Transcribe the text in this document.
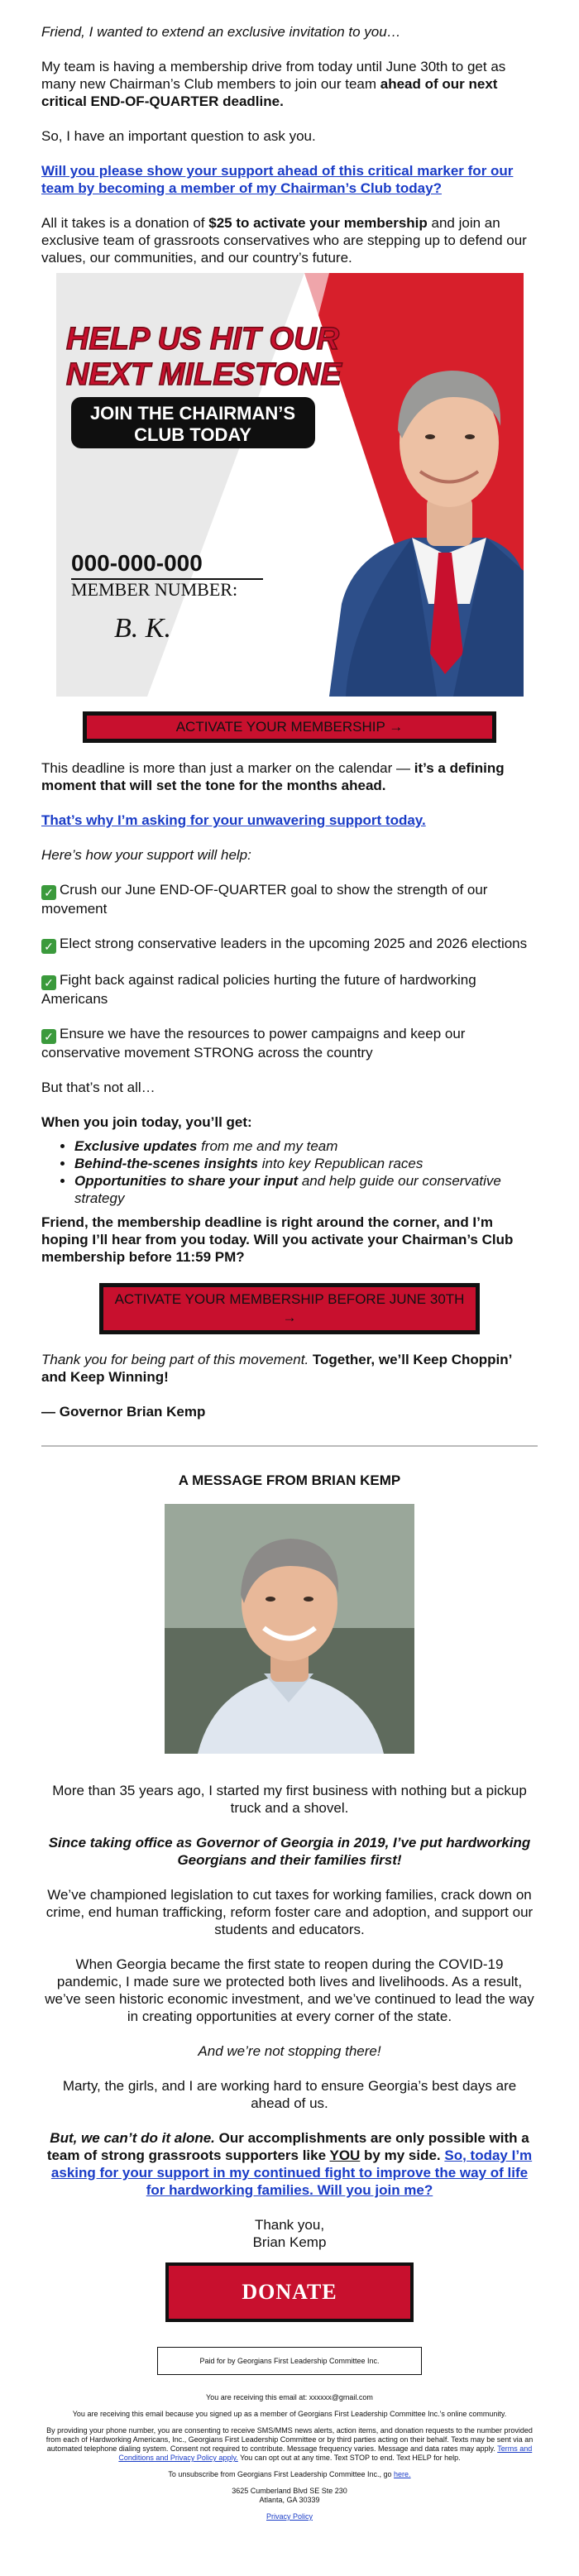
Friend, I wanted to extend an exclusive invitation to you…

My team is having a membership drive from today until June 30th to get as many new Chairman’s Club members to join our team ahead of our next critical END-OF-QUARTER deadline.

So, I have an important question to ask you.

Will you please show your support ahead of this critical marker for our team by becoming a member of my Chairman’s Club today?

All it takes is a donation of $25 to activate your membership and join an exclusive team of grassroots conservatives who are stepping up to defend our values, our communities, and our country’s future.

HELP US HIT OUR
NEXT MILESTONE
JOIN THE CHAIRMAN’S
CLUB TODAY
000-000-000
MEMBER NUMBER:
B. K.
ACTIVATE YOUR MEMBERSHIP →

This deadline is more than just a marker on the calendar — it’s a defining moment that will set the tone for the months ahead.

That’s why I’m asking for your unwavering support today.

Here’s how your support will help:

✓ Crush our June END-OF-QUARTER goal to show the strength of our movement

✓ Elect strong conservative leaders in the upcoming 2025 and 2026 elections

✓ Fight back against radical policies hurting the future of hardworking Americans

✓ Ensure we have the resources to power campaigns and keep our conservative movement STRONG across the country

But that’s not all…

When you join today, you’ll get:

• Exclusive updates from me and my team
• Behind-the-scenes insights into key Republican races
• Opportunities to share your input and help guide our conservative strategy

Friend, the membership deadline is right around the corner, and I’m hoping I’ll hear from you today. Will you activate your Chairman’s Club membership before 11:59 PM?

ACTIVATE YOUR MEMBERSHIP BEFORE JUNE 30TH →

Thank you for being part of this movement. Together, we’ll Keep Choppin’ and Keep Winning!

— Governor Brian Kemp

A MESSAGE FROM BRIAN KEMP

More than 35 years ago, I started my first business with nothing but a pickup truck and a shovel.

Since taking office as Governor of Georgia in 2019, I’ve put hardworking Georgians and their families first!

We’ve championed legislation to cut taxes for working families, crack down on crime, end human trafficking, reform foster care and adoption, and support our students and educators.

When Georgia became the first state to reopen during the COVID-19 pandemic, I made sure we protected both lives and livelihoods. As a result, we’ve seen historic economic investment, and we’ve continued to lead the way in creating opportunities at every corner of the state.

And we’re not stopping there!

Marty, the girls, and I are working hard to ensure Georgia’s best days are ahead of us.

But, we can’t do it alone. Our accomplishments are only possible with a team of strong grassroots supporters like YOU by my side. So, today I’m asking for your support in my continued fight to improve the way of life for hardworking families. Will you join me?

Thank you,

Brian Kemp

DONATE
Paid for by Georgians First Leadership Committee Inc.

You are receiving this email at: xxxxxx@gmail.com

You are receiving this email because you signed up as a member of Georgians First Leadership Committee Inc.'s online community.

By providing your phone number, you are consenting to receive SMS/MMS news alerts, action items, and donation requests to the number provided from each of Hardworking Americans, Inc., Georgians First Leadership Committee or by third parties acting on their behalf. Texts may be sent via an automated telephone dialing system. Consent not required to contribute. Message frequency varies. Message and data rates may apply. Terms and Conditions and Privacy Policy apply. You can opt out at any time. Text STOP to end. Text HELP for help.

To unsubscribe from Georgians First Leadership Committee Inc., go here.

3625 Cumberland Blvd SE Ste 230

Atlanta, GA 30339

Privacy Policy
